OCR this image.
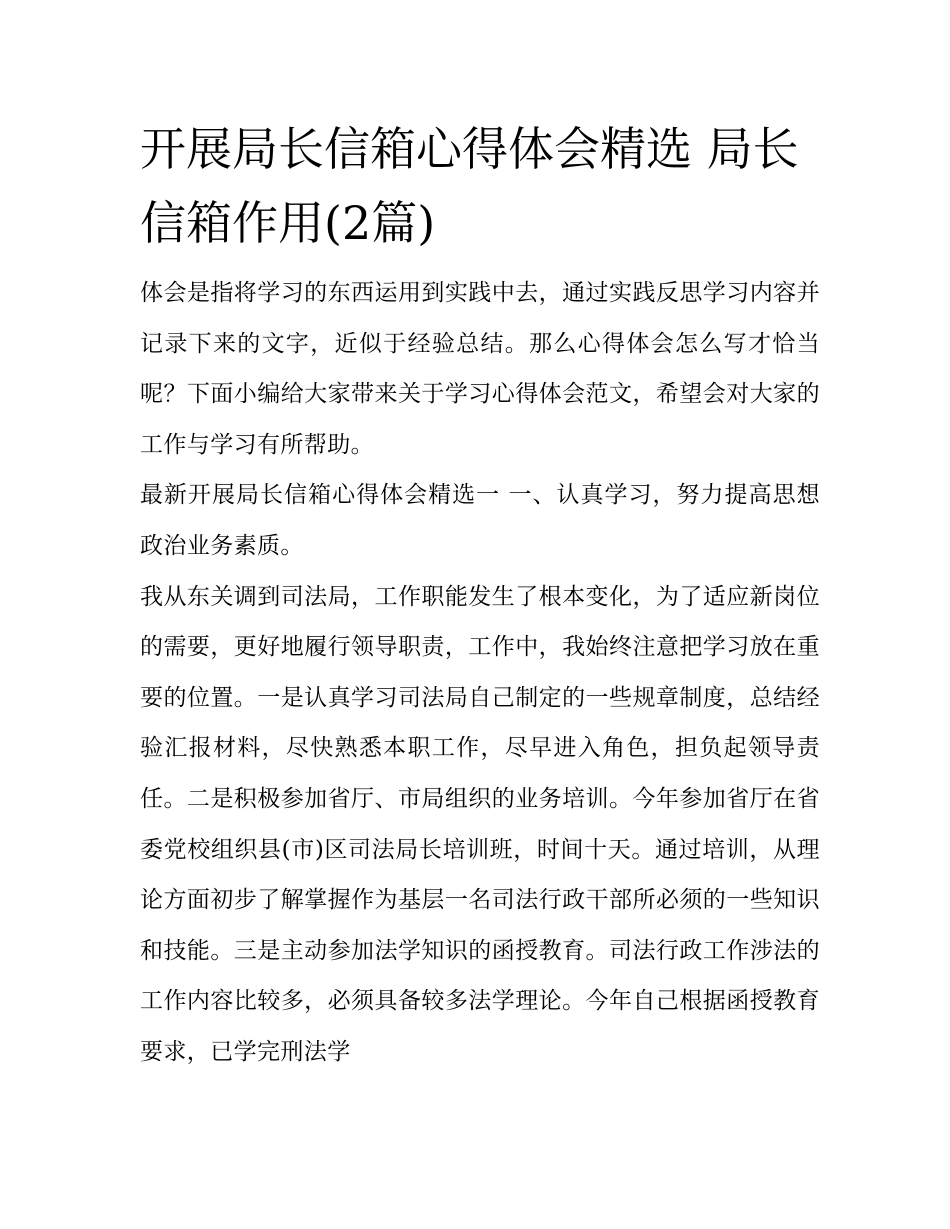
开展局长信箱心得体会精选 局长信箱作用(2篇)

体会是指将学习的东西运用到实践中去，通过实践反思学习内容并记录下来的文字，近似于经验总结。那么心得体会怎么写才恰当呢？下面小编给大家带来关于学习心得体会范文，希望会对大家的工作与学习有所帮助。

最新开展局长信箱心得体会精选一 一、认真学习，努力提高思想政治业务素质。

我从东关调到司法局，工作职能发生了根本变化，为了适应新岗位的需要，更好地履行领导职责，工作中，我始终注意把学习放在重要的位置。一是认真学习司法局自己制定的一些规章制度，总结经验汇报材料，尽快熟悉本职工作，尽早进入角色，担负起领导责任。二是积极参加省厅、市局组织的业务培训。今年参加省厅在省委党校组织县(市)区司法局长培训班，时间十天。通过培训，从理论方面初步了解掌握作为基层一名司法行政干部所必须的一些知识和技能。三是主动参加法学知识的函授教育。司法行政工作涉法的工作内容比较多，必须具备较多法学理论。今年自己根据函授教育要求，已学完刑法学
